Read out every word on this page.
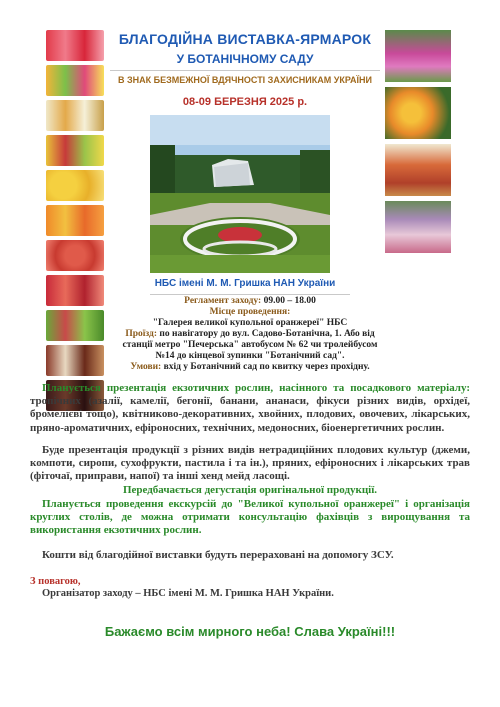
БЛАГОДІЙНА ВИСТАВКА-ЯРМАРОК
У БОТАНІЧНОМУ САДУ
В ЗНАК БЕЗМЕЖНОЇ ВДЯЧНОСТІ ЗАХИСНИКАМ УКРАЇНИ
08-09 БЕРЕЗНЯ 2025 р.
НБС імені М. М. Гришка НАН України
Регламент заходу: 09.00 – 18.00
Місце проведення:
"Галерея великої купольної оранжереї" НБС
Проїзд: по навігатору до вул. Садово-Ботанічна, 1. Або від
станції метро "Печерська" автобусом № 62 чи тролейбусом
№14 до кінцевої зупинки "Ботанічний сад".
Умови: вхід у Ботанічний сад по квитку через прохідну.
Планується презентація екзотичних рослин, насінного та посадкового матеріалу: тропічних (азалії, камелії, бегонії, банани, ананаси, фікуси різних видів, орхідеї, бромелієві тощо), квітниково-декоративних, хвойних, плодових, овочевих, лікарських, пряно-ароматичних, ефіроносних, технічних, медоносних, біоенергетичних рослин.
Буде презентація продукції з різних видів нетрадиційних плодових культур (джеми, компоти, сиропи, сухофрукти, пастила і та ін.), пряних, ефіроносних і лікарських трав (фіточаї, приправи, напої) та інші хенд мейд ласощі.
Передбачається дегустація оригінальної продукції.
Планується проведення екскурсій до "Великої купольної оранжереї" і організація круглих столів, де можна отримати консультацію фахівців з вирощування та використання екзотичних рослин.
Кошти від благодійної виставки будуть перераховані на допомогу ЗСУ.
З повагою,
Організатор заходу – НБС імені М. М. Гришка НАН України.
Бажаємо всім мирного неба! Слава Україні!!!
